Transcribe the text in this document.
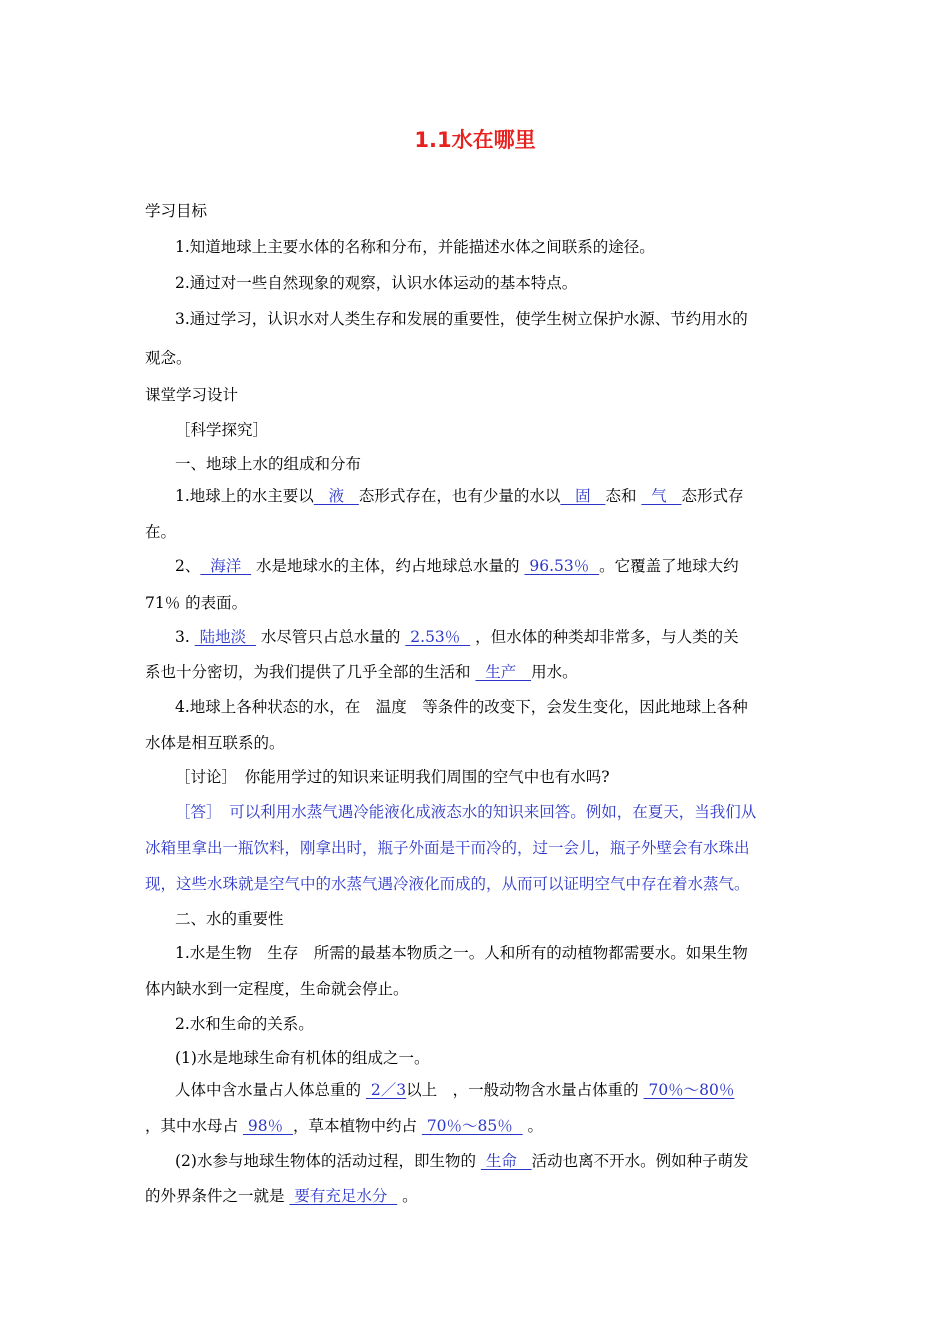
1.1水在哪里
学习目标
1.知道地球上主要水体的名称和分布，并能描述水体之间联系的途径。
2.通过对一些自然现象的观察，认识水体运动的基本特点。
3.通过学习，认识水对人类生存和发展的重要性，使学生树立保护水源、节约用水的
观念。
课堂学习设计
［科学探究］
一、地球上水的组成和分布
1.地球上的水主要以   液   态形式存在，也有少量的水以   固   态和   气   态形式存
在。
2、  海洋   水是地球水的主体，约占地球总水量的  96.53％  。它覆盖了地球大约
71％ 的表面。
3.  陆地淡   水尽管只占总水量的  2.53％   ，但水体的种类却非常多，与人类的关
系也十分密切，为我们提供了几乎全部的生活和   生产   用水。
4.地球上各种状态的水，在　温度　等条件的改变下，会发生变化，因此地球上各种
水体是相互联系的。
［讨论］　你能用学过的知识来证明我们周围的空气中也有水吗?
［答］　可以利用水蒸气遇冷能液化成液态水的知识来回答。例如，在夏天，当我们从
冰箱里拿出一瓶饮料，刚拿出时，瓶子外面是干而冷的，过一会儿，瓶子外壁会有水珠出
现，这些水珠就是空气中的水蒸气遇冷液化而成的，从而可以证明空气中存在着水蒸气。
二、水的重要性
1.水是生物　生存　所需的最基本物质之一。人和所有的动植物都需要水。如果生物
体内缺水到一定程度，生命就会停止。
2.水和生命的关系。
(1)水是地球生命有机体的组成之一。
人体中含水量占人体总重的  2／3以上　，一般动物含水量占体重的  70％～80％
，其中水母占  98％  ，草本植物中约占  70％～85％   。
(2)水参与地球生物体的活动过程，即生物的  生命   活动也离不开水。例如种子萌发
的外界条件之一就是  要有充足水分   。
